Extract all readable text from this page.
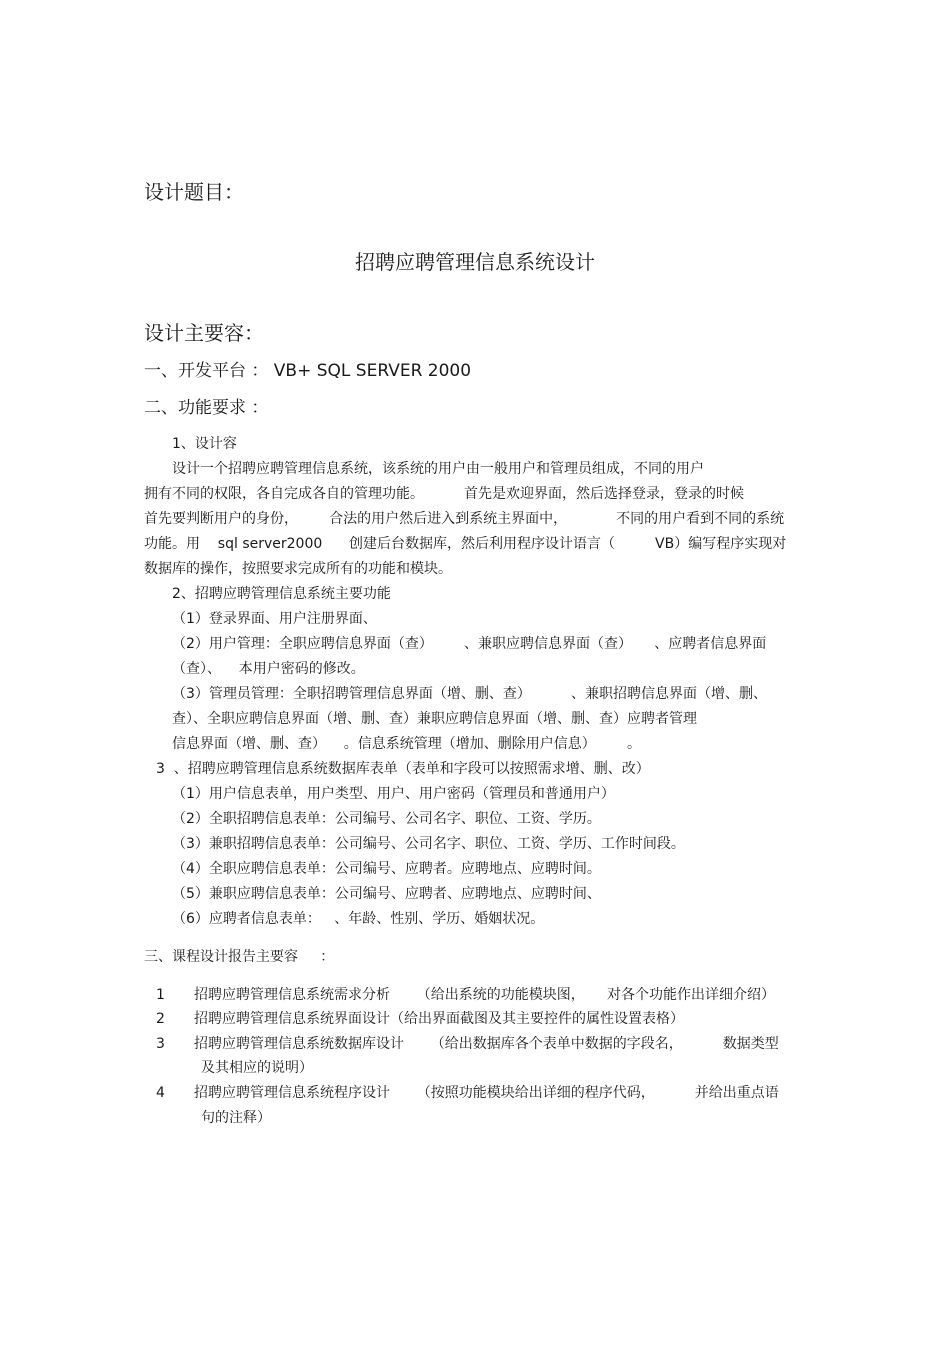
设计题目：
招聘应聘管理信息系统设计
设计主要容：
一、开发平台 ： VB+ SQL SERVER 2000
二、功能要求 ：
1、设计容
设计一个招聘应聘管理信息系统，该系统的用户由一般用户和管理员组成，不同的用户
拥有不同的权限，各自完成各自的管理功能。         首先是欢迎界面，然后选择登录，登录的时候
首先要判断用户的身份，       合法的用户然后进入到系统主界面中，           不同的用户看到不同的系统
功能。用    sql server2000      创建后台数据库，然后利用程序设计语言（         VB）编写程序实现对
数据库的操作，按照要求完成所有的功能和模块。
2、招聘应聘管理信息系统主要功能
（1）登录界面、用户注册界面、
（2）用户管理：全职应聘信息界面（查）       、兼职应聘信息界面（查）     、应聘者信息界面
（查）、    本用户密码的修改。
（3）管理员管理：全职招聘管理信息界面（增、删、查）         、兼职招聘信息界面（增、删、
查）、全职应聘信息界面（增、删、查）兼职应聘信息界面（增、删、查）应聘者管理
信息界面（增、删、查）    。信息系统管理（增加、删除用户信息）       。
3  、招聘应聘管理信息系统数据库表单（表单和字段可以按照需求增、删、改）
（1）用户信息表单，用户类型、用户、用户密码（管理员和普通用户）
（2）全职招聘信息表单：公司编号、公司名字、职位、工资、学历。
（3）兼职招聘信息表单：公司编号、公司名字、职位、工资、学历、工作时间段。
（4）全职应聘信息表单：公司编号、应聘者。应聘地点、应聘时间。
（5）兼职应聘信息表单：公司编号、应聘者、应聘地点、应聘时间、
（6）应聘者信息表单：   、年龄、性别、学历、婚姻状况。
三、课程设计报告主要容     ：
1 招聘应聘管理信息系统需求分析      （给出系统的功能模块图，     对各个功能作出详细介绍）
2 招聘应聘管理信息系统界面设计（给出界面截图及其主要控件的属性设置表格）
3 招聘应聘管理信息系统数据库设计      （给出数据库各个表单中数据的字段名，         数据类型
及其相应的说明）
4 招聘应聘管理信息系统程序设计      （按照功能模块给出详细的程序代码，         并给出重点语
句的注释）
